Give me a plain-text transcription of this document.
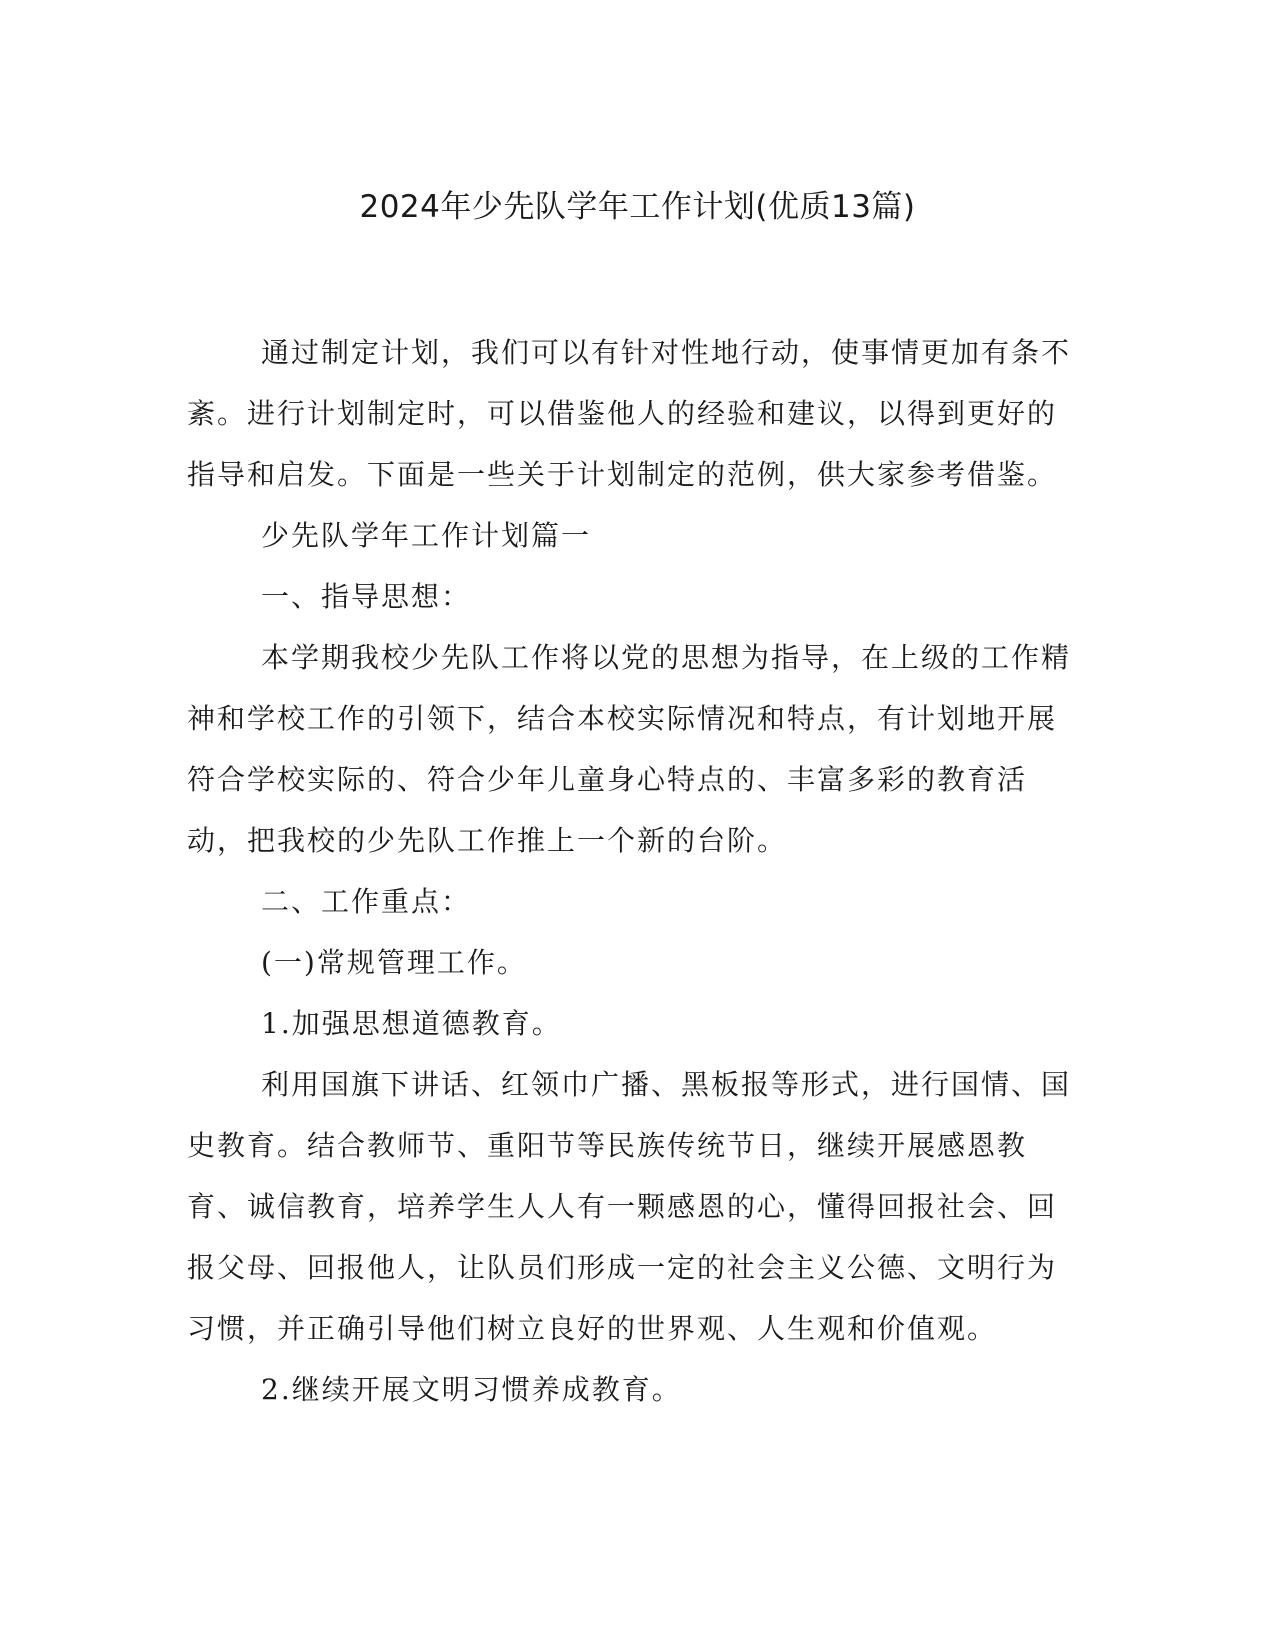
2024年少先队学年工作计划(优质13篇)

通过制定计划，我们可以有针对性地行动，使事情更加有条不紊。进行计划制定时，可以借鉴他人的经验和建议，以得到更好的指导和启发。下面是一些关于计划制定的范例，供大家参考借鉴。

少先队学年工作计划篇一

一、指导思想：

本学期我校少先队工作将以党的思想为指导，在上级的工作精神和学校工作的引领下，结合本校实际情况和特点，有计划地开展符合学校实际的、符合少年儿童身心特点的、丰富多彩的教育活动，把我校的少先队工作推上一个新的台阶。

二、工作重点：

(一)常规管理工作。

1.加强思想道德教育。

利用国旗下讲话、红领巾广播、黑板报等形式，进行国情、国史教育。结合教师节、重阳节等民族传统节日，继续开展感恩教育、诚信教育，培养学生人人有一颗感恩的心，懂得回报社会、回报父母、回报他人，让队员们形成一定的社会主义公德、文明行为习惯，并正确引导他们树立良好的世界观、人生观和价值观。

2.继续开展文明习惯养成教育。
